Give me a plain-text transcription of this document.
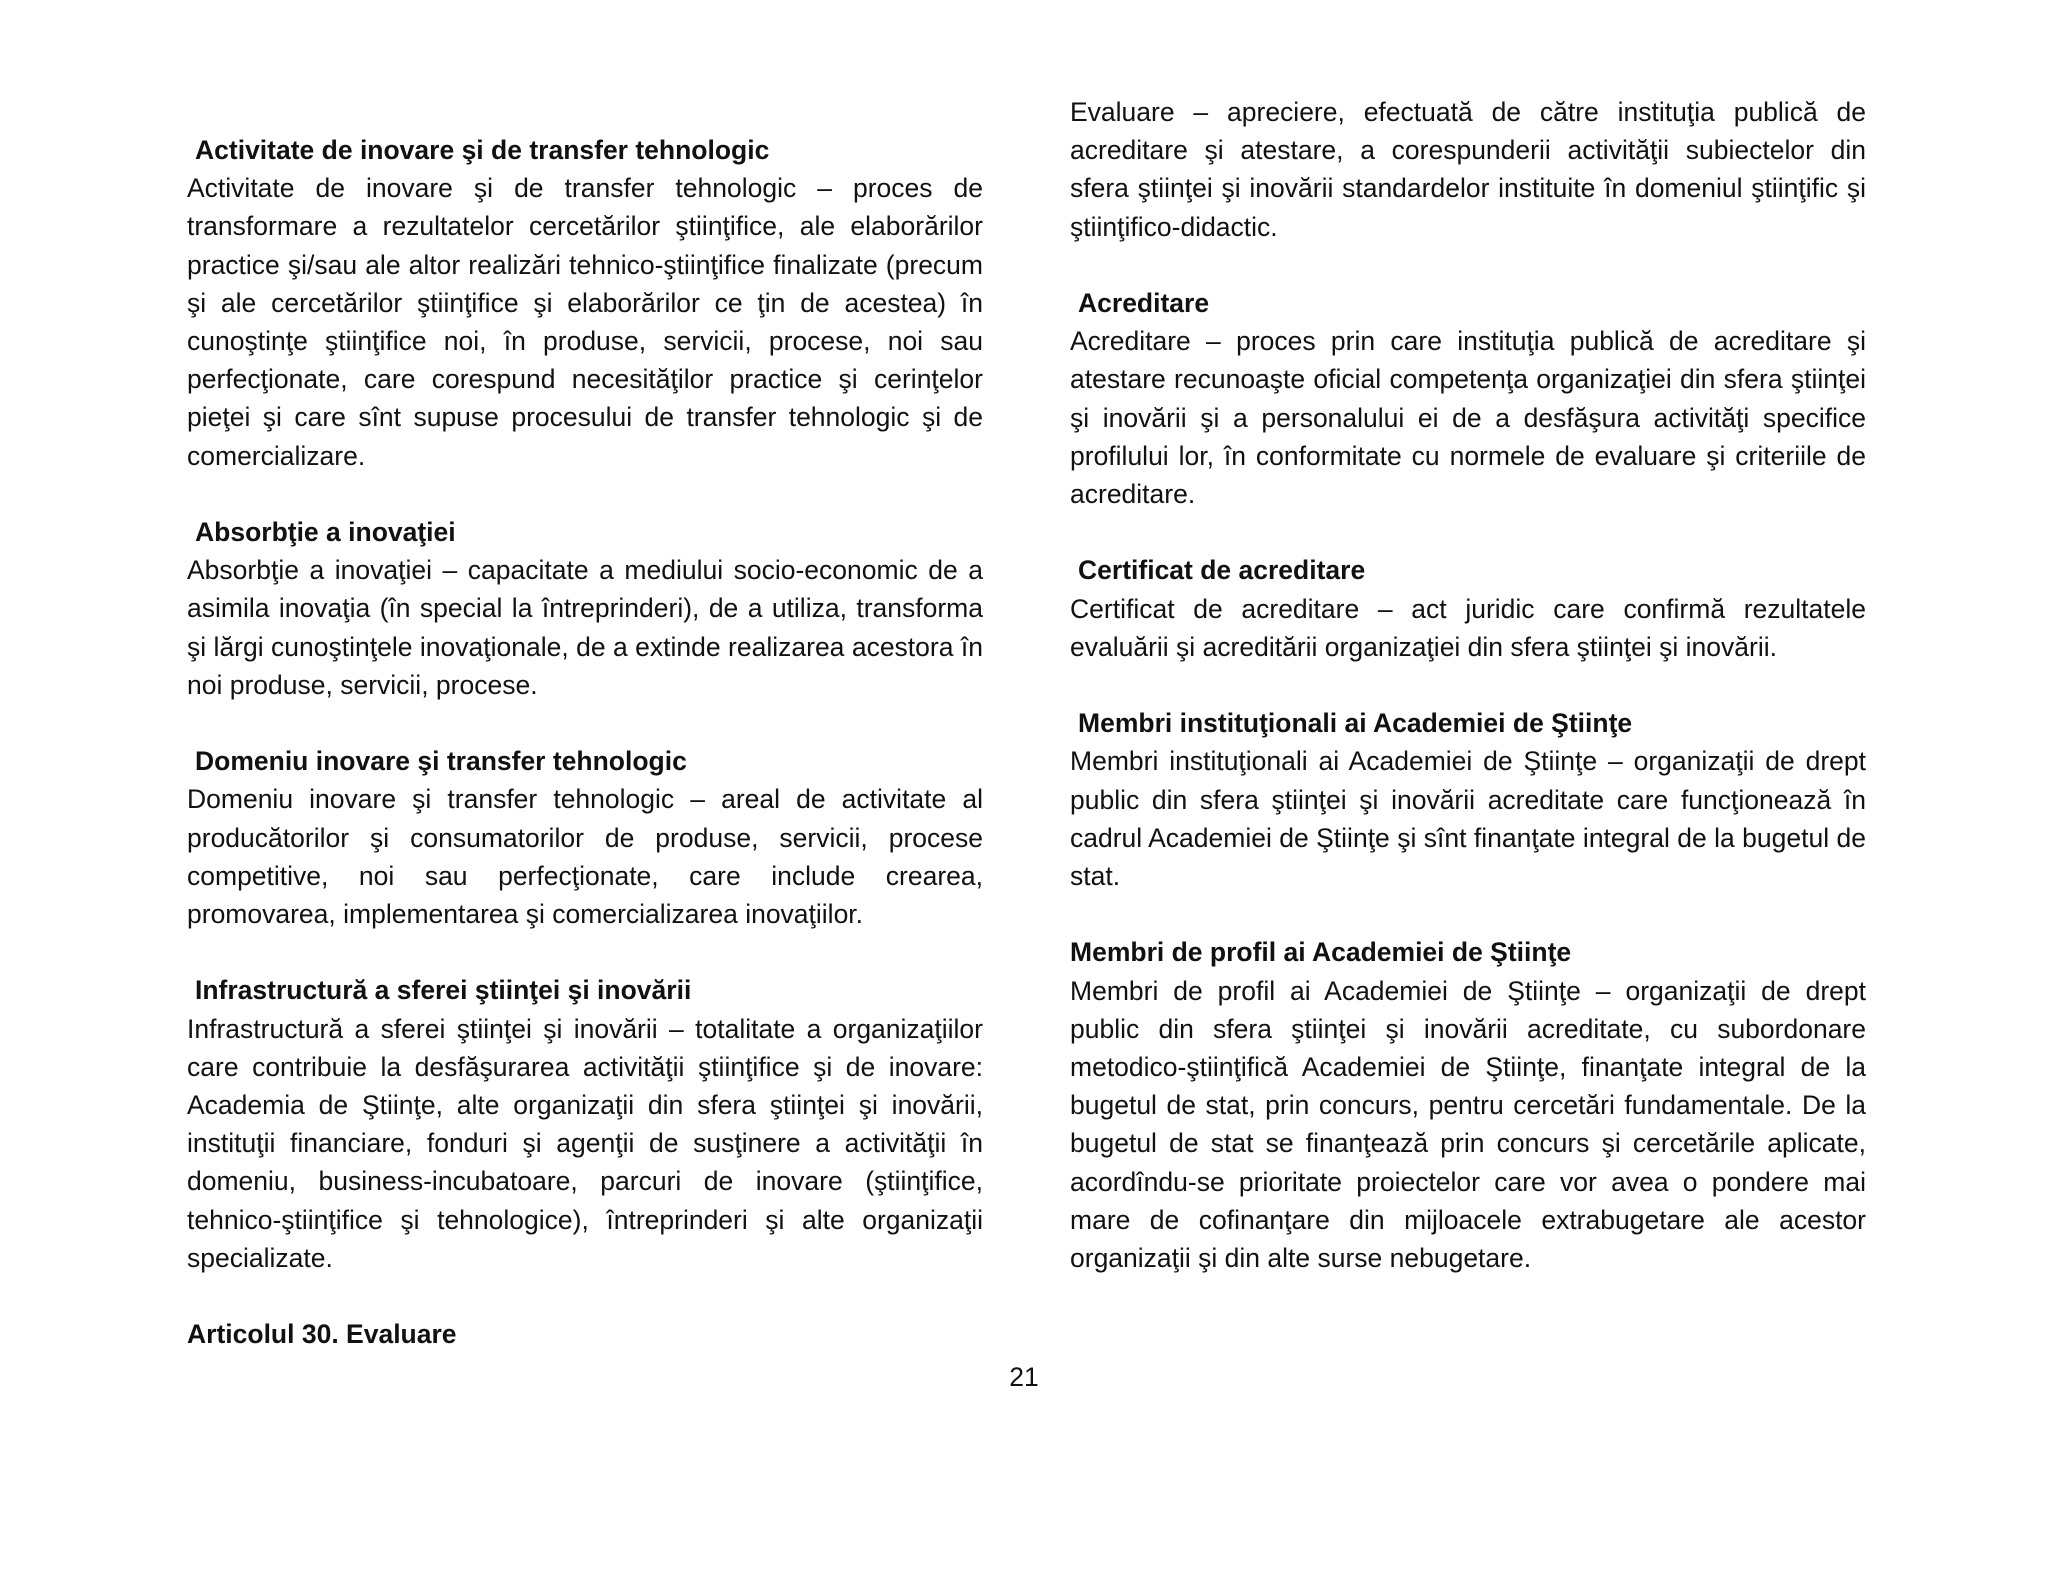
Activitate de inovare şi de transfer tehnologic
Activitate de inovare şi de transfer tehnologic – proces de transformare a rezultatelor cercetărilor ştiinţifice, ale elaborărilor practice şi/sau ale altor realizări tehnico-ştiinţifice finalizate (precum şi ale cercetărilor ştiinţifice şi elaborărilor ce ţin de acestea) în cunoştinţe ştiinţifice noi, în produse, servicii, procese, noi sau perfecţionate, care corespund necesităţilor practice şi cerinţelor pieţei şi care sînt supuse procesului de transfer tehnologic şi de comercializare.
Absorbţie a inovaţiei
Absorbţie a inovaţiei – capacitate a mediului socio-economic de a asimila inovaţia (în special la întreprinderi), de a utiliza, transforma şi lărgi cunoştinţele inovaţionale, de a extinde realizarea acestora în noi produse, servicii, procese.
Domeniu inovare şi transfer tehnologic
Domeniu inovare şi transfer tehnologic – areal de activitate al producătorilor şi consumatorilor de produse, servicii, procese competitive, noi sau perfecţionate, care include crearea, promovarea, implementarea şi comercializarea inovaţiilor.
Infrastructură a sferei ştiinţei şi inovării
Infrastructură a sferei ştiinţei şi inovării – totalitate a organizaţiilor care contribuie la desfăşurarea activităţii ştiinţifice şi de inovare: Academia de Ştiinţe, alte organizaţii din sfera ştiinţei şi inovării, instituţii financiare, fonduri şi agenţii de susţinere a activităţii în domeniu, business-incubatoare, parcuri de inovare (ştiinţifice, tehnico-ştiinţifice şi tehnologice), întreprinderi şi alte organizaţii specializate.
Articolul 30. Evaluare
Evaluare – apreciere, efectuată de către instituţia publică de acreditare şi atestare, a corespunderii activităţii subiectelor din sfera ştiinţei şi inovării standardelor instituite în domeniul ştiinţific şi ştiinţifico-didactic.
Acreditare
Acreditare – proces prin care instituţia publică de acreditare şi atestare recunoaşte oficial competenţa organizaţiei din sfera ştiinţei şi inovării şi a personalului ei de a desfăşura activităţi specifice profilului lor, în conformitate cu normele de evaluare şi criteriile de acreditare.
Certificat de acreditare
Certificat de acreditare – act juridic care confirmă rezultatele evaluării şi acreditării organizaţiei din sfera ştiinţei şi inovării.
Membri instituţionali ai Academiei de Ştiinţe
Membri instituţionali ai Academiei de Ştiinţe – organizaţii de drept public din sfera ştiinţei şi inovării acreditate care funcţionează în cadrul Academiei de Ştiinţe şi sînt finanţate integral de la bugetul de stat.
Membri de profil ai Academiei de Ştiinţe
Membri de profil ai Academiei de Ştiinţe – organizaţii de drept public din sfera ştiinţei şi inovării acreditate, cu subordonare metodico-ştiinţifică Academiei de Ştiinţe, finanţate integral de la bugetul de stat, prin concurs, pentru cercetări fundamentale. De la bugetul de stat se finanţează prin concurs şi cercetările aplicate, acordîndu-se prioritate proiectelor care vor avea o pondere mai mare de cofinanţare din mijloacele extrabugetare ale acestor organizaţii şi din alte surse nebugetare.
21
